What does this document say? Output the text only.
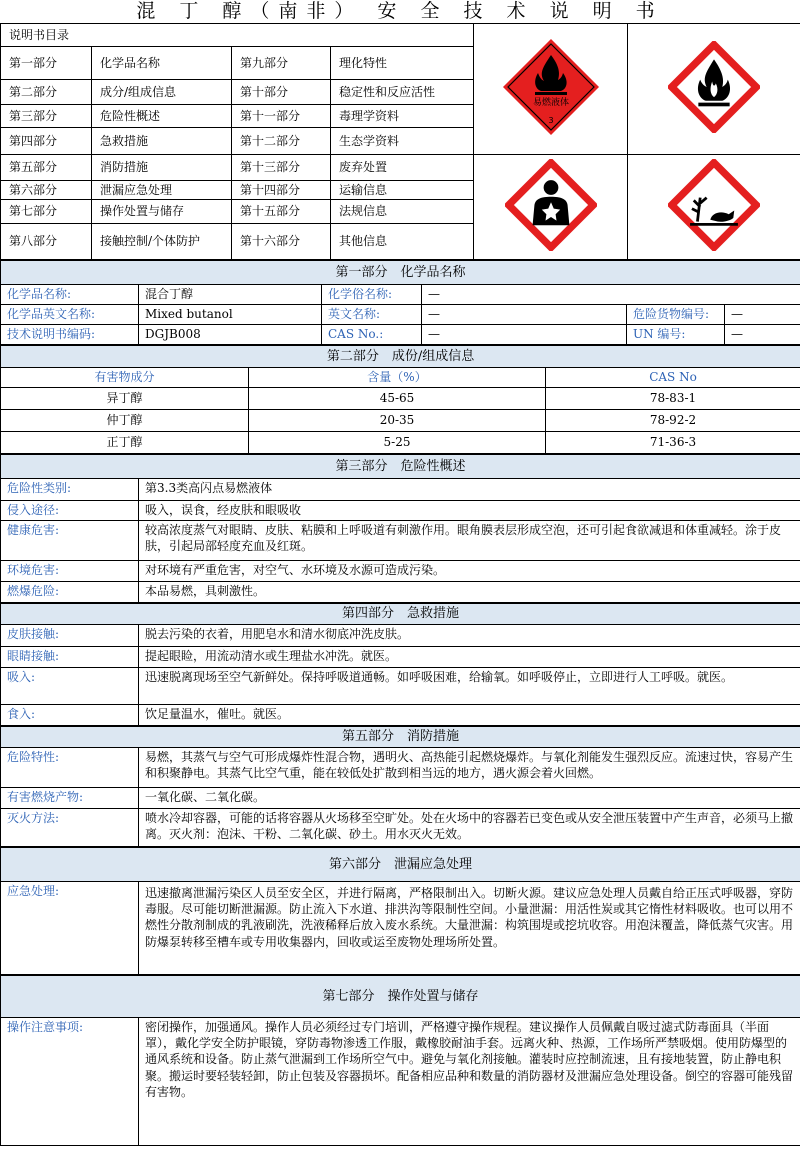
混 丁 醇（南非） 安 全 技 术 说 明 书
说明书目录				易燃液体
3

第一部分	化学品名称	第九部分	理化特性		
第二部分	成分/组成信息	第十部分	稳定性和反应活性		
第三部分	危险性概述	第十一部分	毒理学资料		
第四部分	急救措施	第十二部分	生态学资料		
第五部分	消防措施	第十三部分	废弃处置		
第六部分	泄漏应急处理	第十四部分	运输信息		
第七部分	操作处置与储存	第十五部分	法规信息		
第八部分	接触控制/个体防护	第十六部分	其他信息		
第一部分　化学品名称					
化学品名称:	混合丁醇	化学俗名称:	—		
化学品英文名称:	Mixed butanol	英文名称:	—	危险货物编号:	—
技术说明书编码:	DGJB008	CAS No.:	—	UN 编号:	—
第二部分　成份/组成信息		
有害物成分	含量（%）	CAS No
异丁醇	45-65	78-83-1
仲丁醇	20-35	78-92-2
正丁醇	5-25	71-36-3
第三部分　危险性概述	
危险性类别:	第3.3类高闪点易燃液体
侵入途径:	吸入，误食，经皮肤和眼吸收
健康危害:	较高浓度蒸气对眼睛、皮肤、粘膜和上呼吸道有刺激作用。眼角膜表层形成空泡，还可引起食欲减退和体重减轻。涂于皮肤，引起局部轻度充血及红斑。
环境危害:	对环境有严重危害，对空气、水环境及水源可造成污染。
燃爆危险:	本品易燃，具刺激性。
第四部分　急救措施	
皮肤接触:	脱去污染的衣着，用肥皂水和清水彻底冲洗皮肤。
眼睛接触:	提起眼睑，用流动清水或生理盐水冲洗。就医。
吸入:	迅速脱离现场至空气新鲜处。保持呼吸道通畅。如呼吸困难，给输氧。如呼吸停止，立即进行人工呼吸。就医。
食入:	饮足量温水，催吐。就医。
第五部分　消防措施	
危险特性:	易燃，其蒸气与空气可形成爆炸性混合物，遇明火、高热能引起燃烧爆炸。与氧化剂能发生强烈反应。流速过快，容易产生和积聚静电。其蒸气比空气重，能在较低处扩散到相当远的地方，遇火源会着火回燃。
有害燃烧产物:	一氧化碳、二氧化碳。
灭火方法:	喷水冷却容器，可能的话将容器从火场移至空旷处。处在火场中的容器若已变色或从安全泄压装置中产生声音，必须马上撤离。灭火剂：泡沫、干粉、二氧化碳、砂土。用水灭火无效。
第六部分　泄漏应急处理
应急处理:	迅速撤离泄漏污染区人员至安全区，并进行隔离，严格限制出入。切断火源。建议应急处理人员戴自给正压式呼吸器，穿防毒服。尽可能切断泄漏源。防止流入下水道、排洪沟等限制性空间。小量泄漏：用活性炭或其它惰性材料吸收。也可以用不燃性分散剂制成的乳液刷洗，洗液稀释后放入废水系统。大量泄漏：构筑围堤或挖坑收容。用泡沫覆盖，降低蒸气灾害。用防爆泵转移至槽车或专用收集器内，回收或运至废物处理场所处置。
第七部分　操作处置与储存
操作注意事项:	密闭操作，加强通风。操作人员必须经过专门培训，严格遵守操作规程。建议操作人员佩戴自吸过滤式防毒面具（半面罩），戴化学安全防护眼镜，穿防毒物渗透工作服，戴橡胶耐油手套。远离火种、热源，工作场所严禁吸烟。使用防爆型的通风系统和设备。防止蒸气泄漏到工作场所空气中。避免与氧化剂接触。灌装时应控制流速，且有接地装置，防止静电积聚。搬运时要轻装轻卸，防止包装及容器损坏。配备相应品种和数量的消防器材及泄漏应急处理设备。倒空的容器可能残留有害物。
